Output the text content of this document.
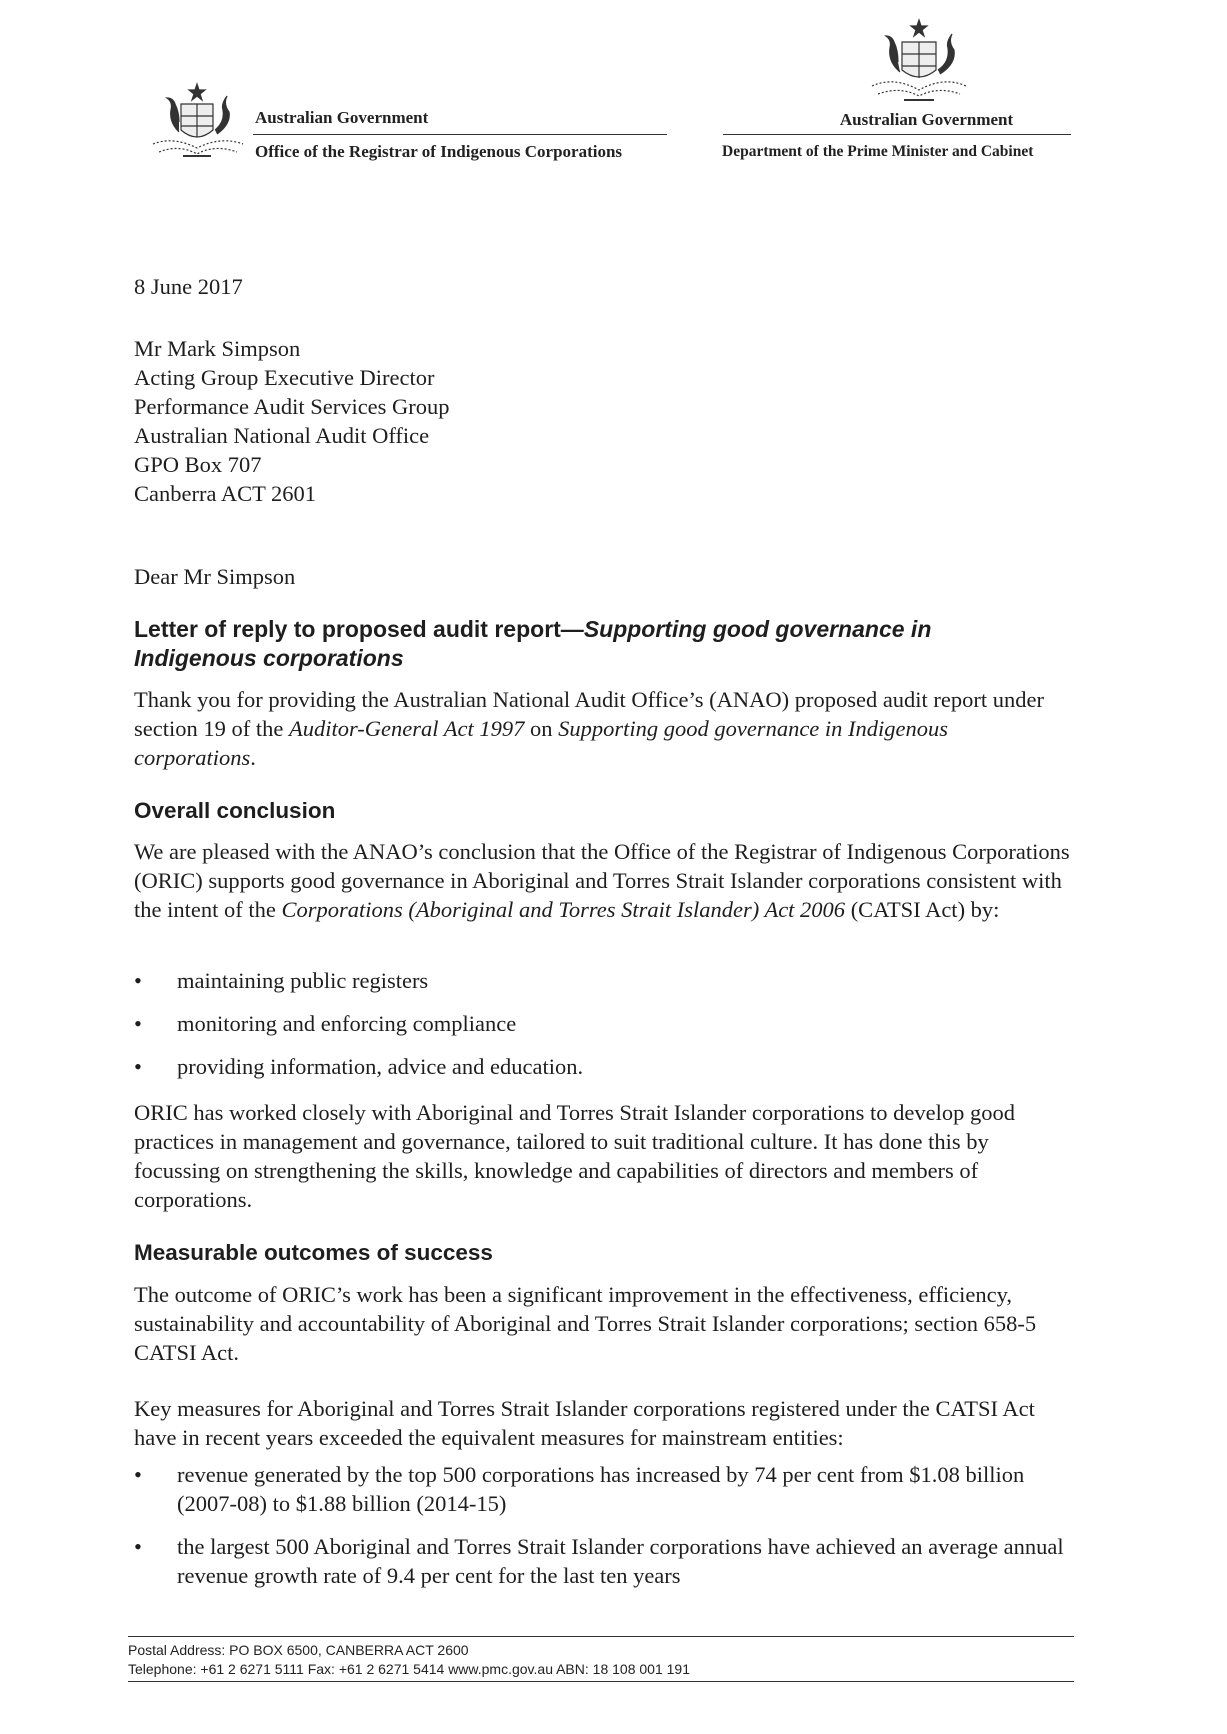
Australian Government
Office of the Registrar of Indigenous Corporations
Australian Government
Department of the Prime Minister and Cabinet
8 June 2017
Mr Mark Simpson
Acting Group Executive Director
Performance Audit Services Group
Australian National Audit Office
GPO Box 707
Canberra ACT 2601
Dear Mr Simpson
Letter of reply to proposed audit report—Supporting good governance in
Indigenous corporations
Thank you for providing the Australian National Audit Office’s (ANAO) proposed audit report under section 19 of the Auditor-General Act 1997 on Supporting good governance in Indigenous corporations.
Overall conclusion
We are pleased with the ANAO’s conclusion that the Office of the Registrar of Indigenous Corporations (ORIC) supports good governance in Aboriginal and Torres Strait Islander corporations consistent with the intent of the Corporations (Aboriginal and Torres Strait Islander) Act 2006 (CATSI Act) by:
• maintaining public registers
• monitoring and enforcing compliance
• providing information, advice and education.
ORIC has worked closely with Aboriginal and Torres Strait Islander corporations to develop good practices in management and governance, tailored to suit traditional culture. It has done this by focussing on strengthening the skills, knowledge and capabilities of directors and members of corporations.
Measurable outcomes of success
The outcome of ORIC’s work has been a significant improvement in the effectiveness, efficiency, sustainability and accountability of Aboriginal and Torres Strait Islander corporations; section 658-5 CATSI Act.
Key measures for Aboriginal and Torres Strait Islander corporations registered under the CATSI Act have in recent years exceeded the equivalent measures for mainstream entities:
• revenue generated by the top 500 corporations has increased by 74 per cent from $1.08 billion (2007-08) to $1.88 billion (2014-15)
• the largest 500 Aboriginal and Torres Strait Islander corporations have achieved an average annual revenue growth rate of 9.4 per cent for the last ten years
Postal Address: PO BOX 6500, CANBERRA ACT 2600
Telephone: +61 2 6271 5111 Fax: +61 2 6271 5414 www.pmc.gov.au ABN: 18 108 001 191
